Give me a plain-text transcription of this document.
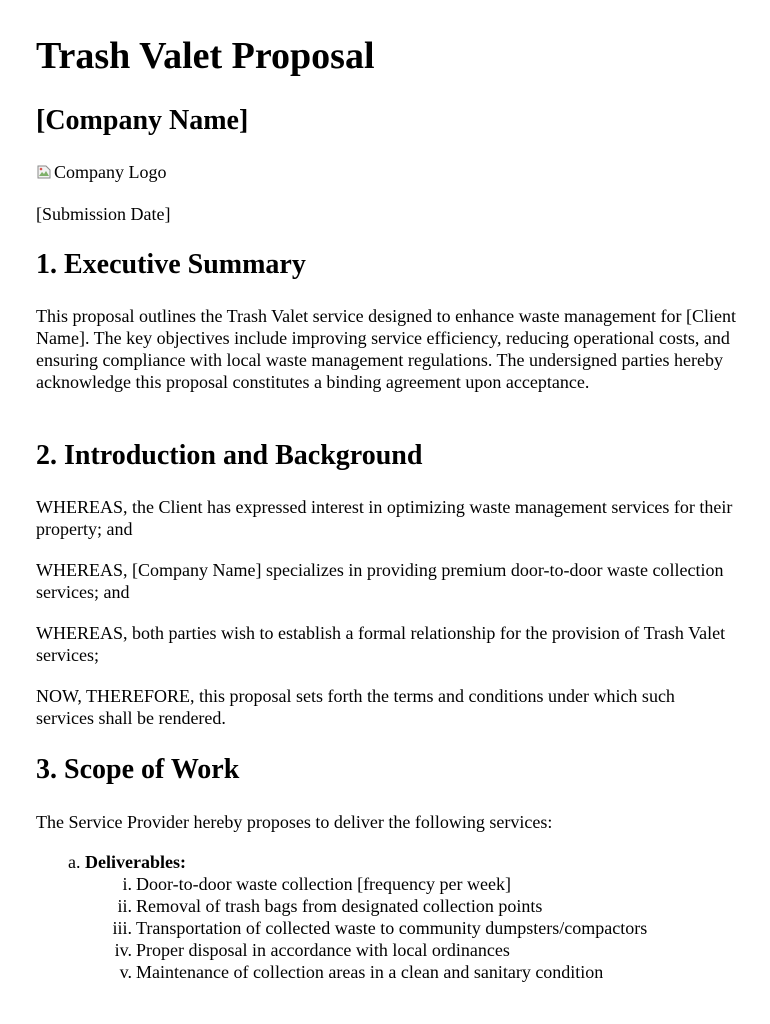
Trash Valet Proposal
[Company Name]
Company Logo
[Submission Date]
1. Executive Summary

This proposal outlines the Trash Valet service designed to enhance waste management for [Client Name]. The key objectives include improving service efficiency, reducing operational costs, and ensuring compliance with local waste management regulations. The undersigned parties hereby acknowledge this proposal constitutes a binding agreement upon acceptance.

2. Introduction and Background

WHEREAS, the Client has expressed interest in optimizing waste management services for their property; and

WHEREAS, [Company Name] specializes in providing premium door-to-door waste collection services; and

WHEREAS, both parties wish to establish a formal relationship for the provision of Trash Valet services;

NOW, THEREFORE, this proposal sets forth the terms and conditions under which such services shall be rendered.

3. Scope of Work

The Service Provider hereby proposes to deliver the following services:

a. Deliverables:
i. Door-to-door waste collection [frequency per week]
ii. Removal of trash bags from designated collection points
iii. Transportation of collected waste to community dumpsters/compactors
iv. Proper disposal in accordance with local ordinances
v. Maintenance of collection areas in a clean and sanitary condition
